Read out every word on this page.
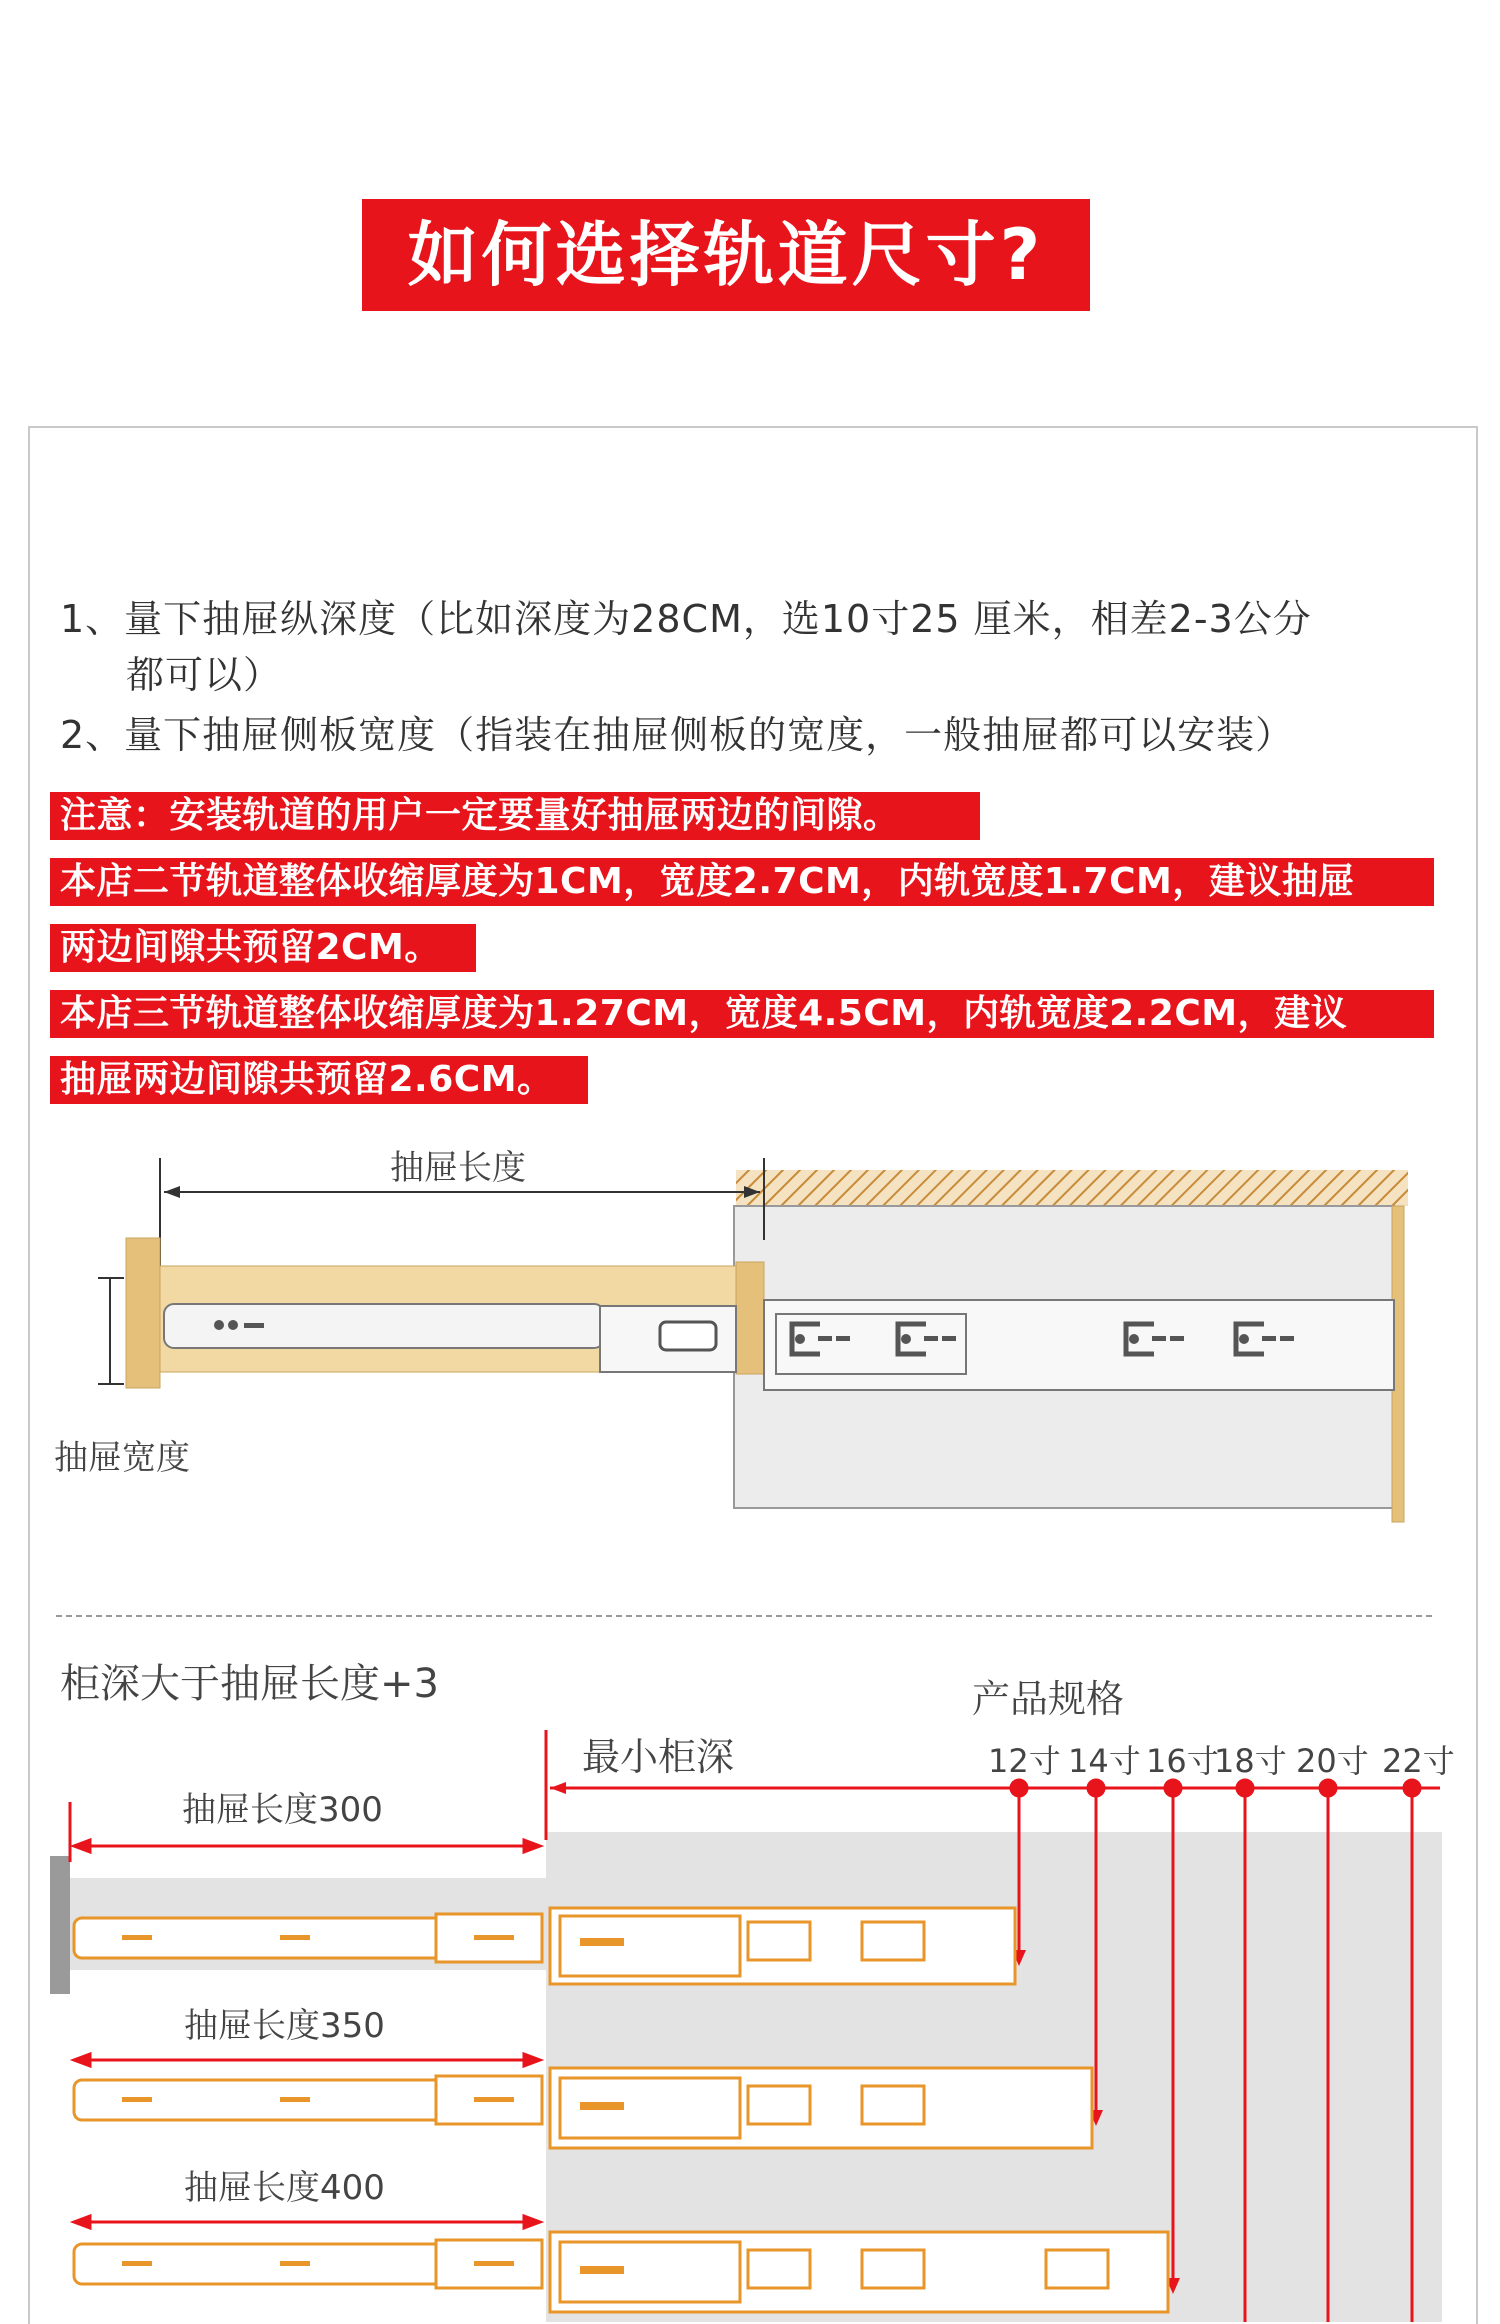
如何选择轨道尺寸?
1、量下抽屉纵深度（比如深度为28CM，选10寸25 厘米，相差2-3公分
都可以）
2、量下抽屉侧板宽度（指装在抽屉侧板的宽度，一般抽屉都可以安装）
注意：安装轨道的用户一定要量好抽屉两边的间隙。
本店二节轨道整体收缩厚度为1CM，宽度2.7CM，内轨宽度1.7CM，建议抽屉
两边间隙共预留2CM。
本店三节轨道整体收缩厚度为1.27CM，宽度4.5CM，内轨宽度2.2CM，建议
抽屉两边间隙共预留2.6CM。
抽屉长度
抽屉宽度
柜深大于抽屉长度+3	产品规格
最小柜深	12寸 14寸 16寸
18寸 20寸 22寸
抽屉长度300
抽屉长度350
抽屉长度400
